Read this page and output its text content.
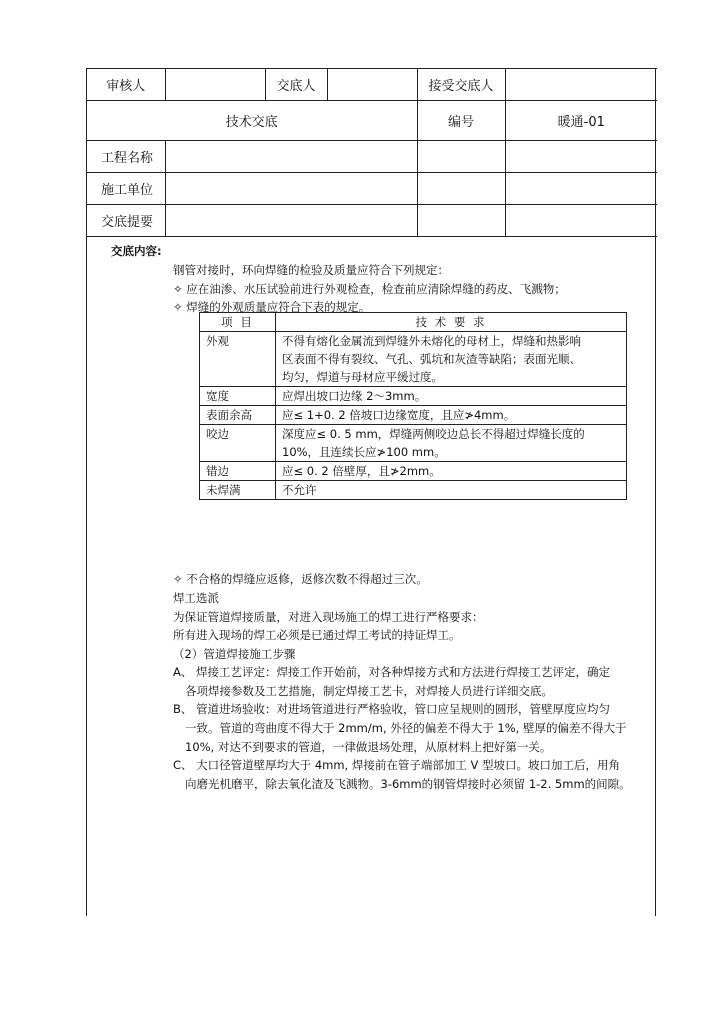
审核人		交底人		接受交底人	
技术交底				编号	暖通-01
工程名称					
施工单位					
交底提要					
交底内容:
钢管对接时，环向焊缝的检验及质量应符合下列规定：
✧ 应在油渗、水压试验前进行外观检查，检查前应清除焊缝的药皮、飞溅物；
✧ 焊缝的外观质量应符合下表的规定。
项 目	技 术 要 求
外观	不得有熔化金属流到焊缝外未熔化的母材上，焊缝和热影响
区表面不得有裂纹、气孔、弧坑和灰渣等缺陷；表面光顺、
均匀，焊道与母材应平缓过度。

宽度	应焊出坡口边缘 2～3mm。
表面余高	应≤ 1+0. 2 倍坡口边缘宽度，且应≯4mm。
咬边	深度应≤ 0. 5 mm，焊缝两侧咬边总长不得超过焊缝长度的
10%，且连续长应≯100 mm。

错边	应≤ 0. 2 倍壁厚，且≯2mm。
未焊满	不允许
✧ 不合格的焊缝应返修，返修次数不得超过三次。
焊工选派
为保证管道焊接质量，对进入现场施工的焊工进行严格要求：
所有进入现场的焊工必须是已通过焊工考试的持证焊工。
（2）管道焊接施工步骤
A、 焊接工艺评定：焊接工作开始前，对各种焊接方式和方法进行焊接工艺评定，确定
各项焊接参数及工艺措施，制定焊接工艺卡，对焊接人员进行详细交底。
B、 管道进场验收：对进场管道进行严格验收，管口应呈规则的圆形，管壁厚度应均匀
一致。管道的弯曲度不得大于 2mm/m, 外径的偏差不得大于 1%, 壁厚的偏差不得大于
10%, 对达不到要求的管道，一律做退场处理，从原材料上把好第一关。
C、 大口径管道壁厚均大于 4mm, 焊接前在管子端部加工 V 型坡口。坡口加工后，用角
向磨光机磨平，除去氧化渣及飞溅物。3-6mm的钢管焊接时必须留 1-2. 5mm的间隙。
